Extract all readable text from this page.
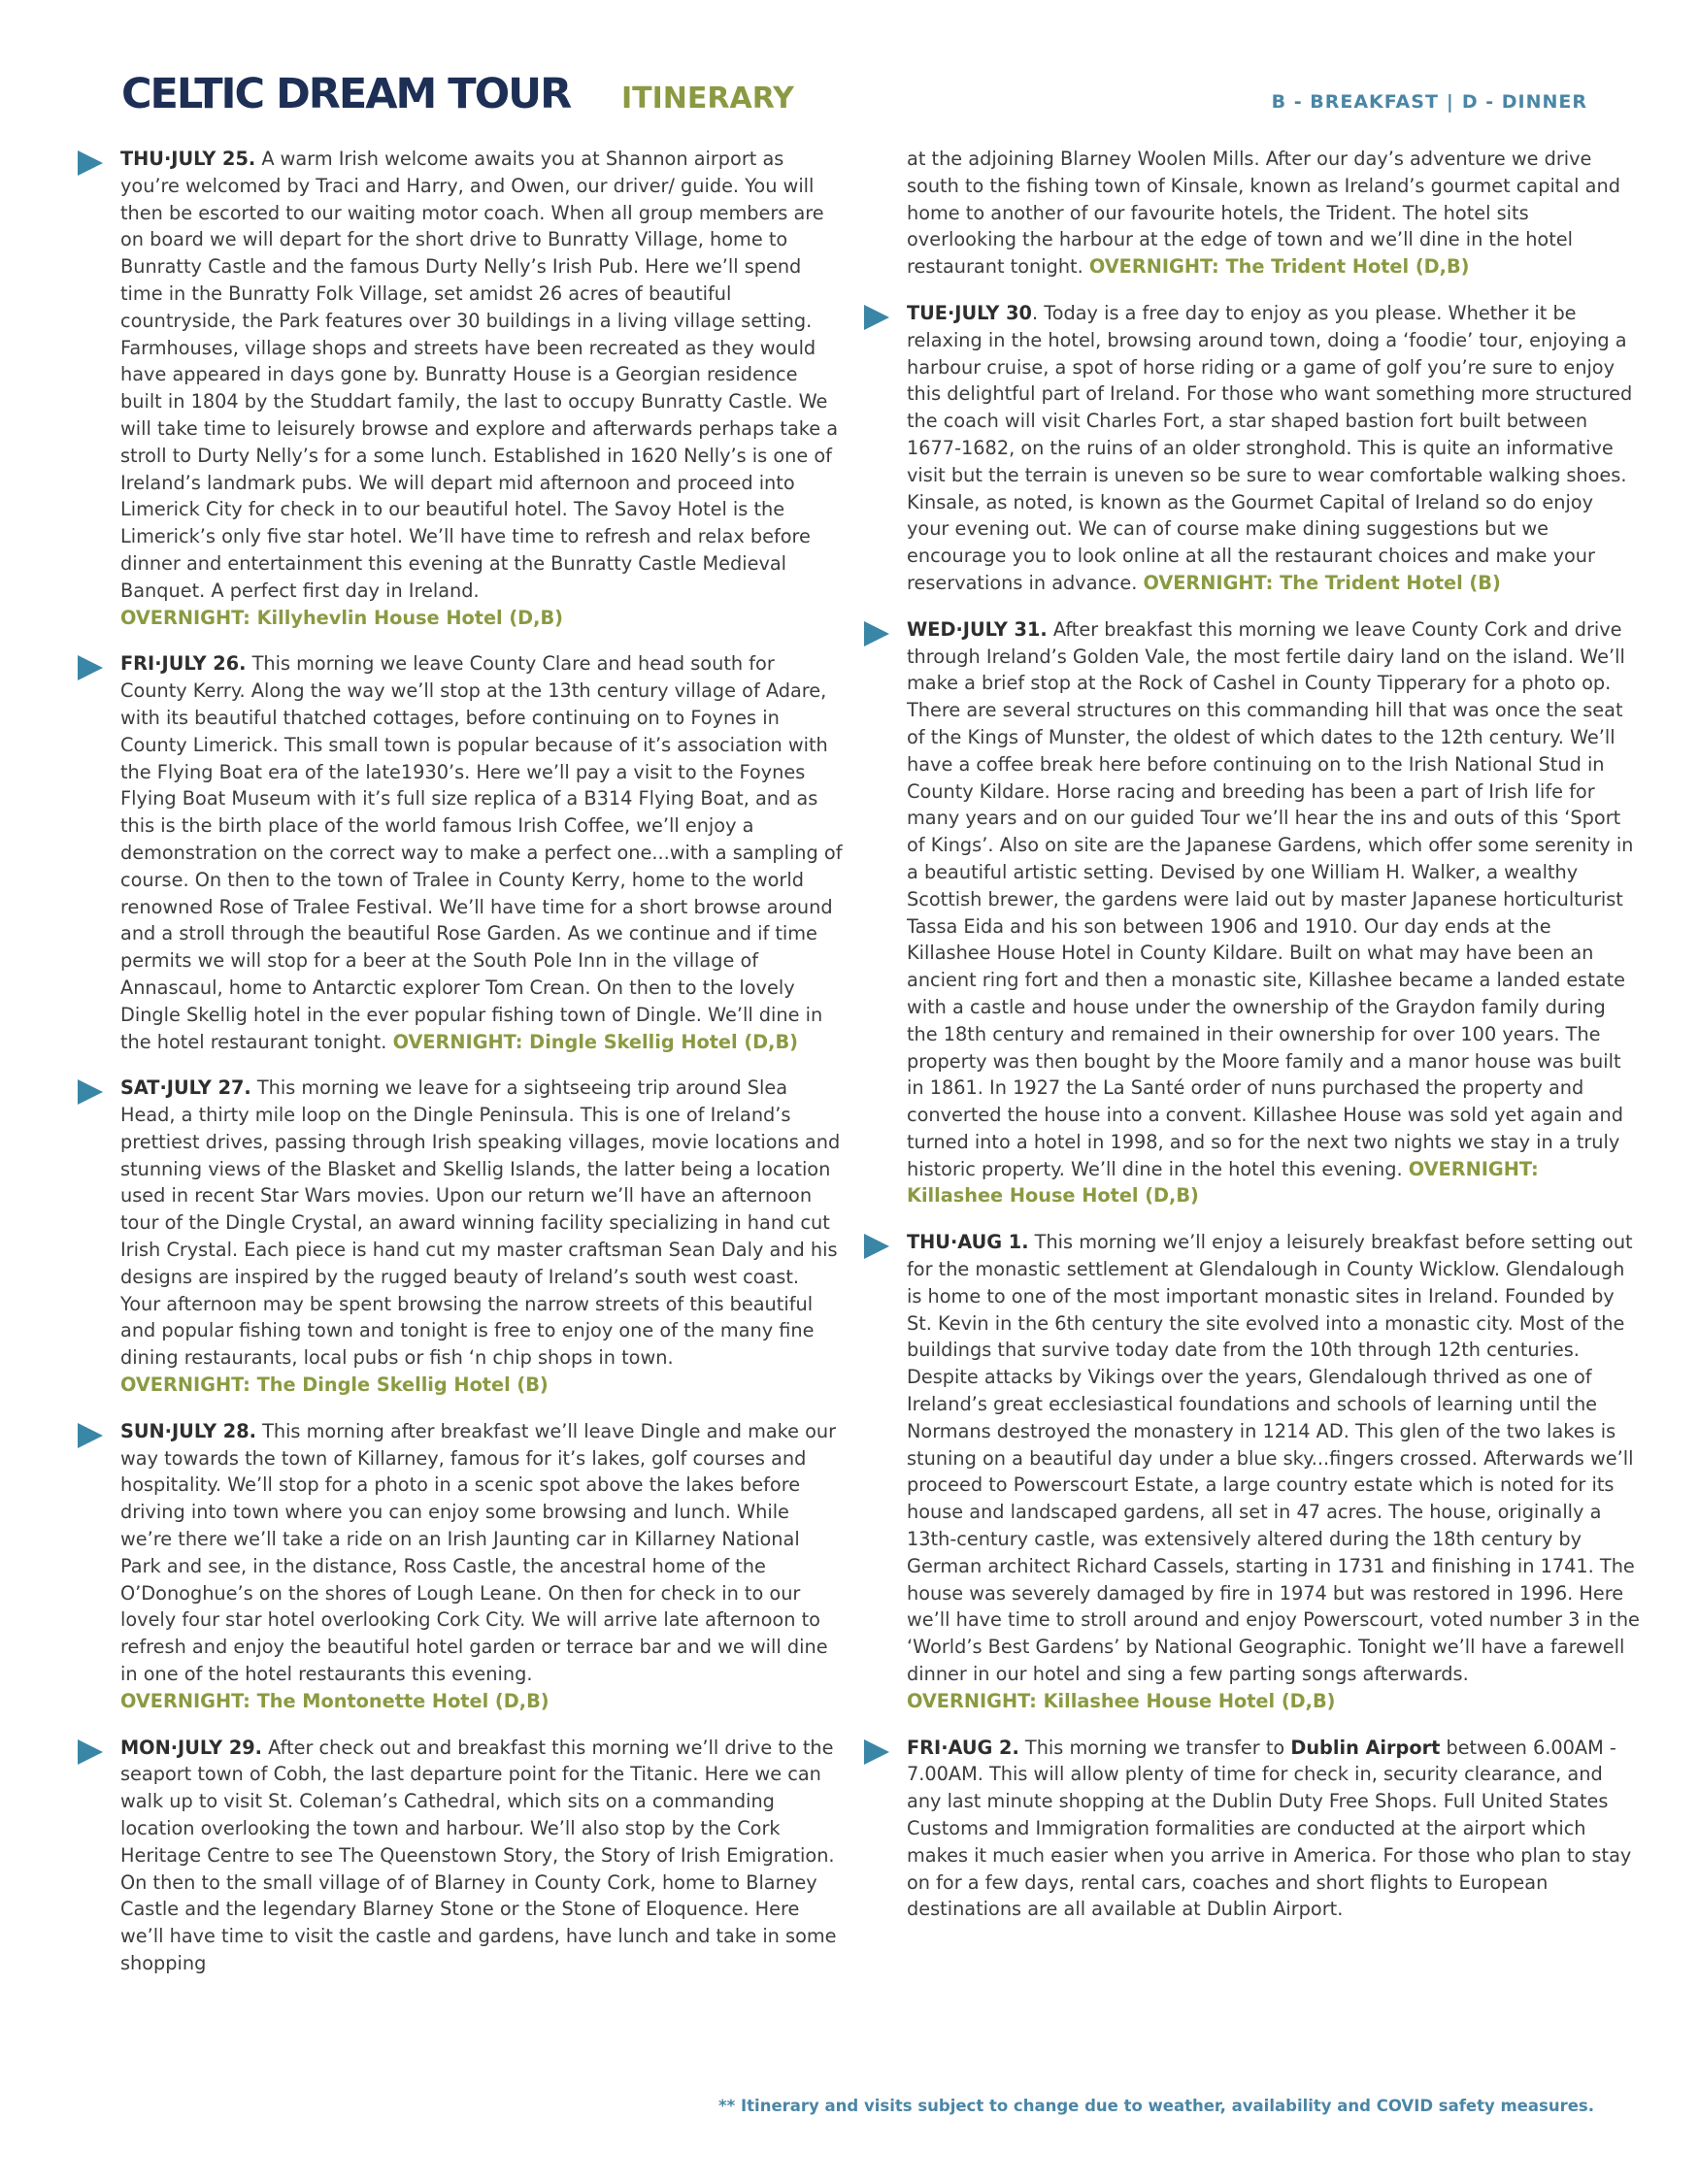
CELTIC DREAM TOUR ITINERARY	B - BREAKFAST | D - DINNER

THU·JULY 25. A warm Irish welcome awaits you at Shannon airport as you’re welcomed by Traci and Harry, and Owen, our driver/ guide. You will then be escorted to our waiting motor coach. When all group members are on board we will depart for the short drive to Bunratty Village, home to Bunratty Castle and the famous Durty Nelly’s Irish Pub. Here we’ll spend time in the Bunratty Folk Village, set amidst 26 acres of beautiful countryside, the Park features over 30 buildings in a living village setting. Farmhouses, village shops and streets have been recreated as they would have appeared in days gone by. Bunratty House is a Georgian residence built in 1804 by the Studdart family, the last to occupy Bunratty Castle. We will take time to leisurely browse and explore and afterwards perhaps take a stroll to Durty Nelly’s for a some lunch. Established in 1620 Nelly’s is one of Ireland’s landmark pubs. We will depart mid afternoon and proceed into Limerick City for check in to our beautiful hotel. The Savoy Hotel is the Limerick’s only five star hotel. We’ll have time to refresh and relax before dinner and entertainment this evening at the Bunratty Castle Medieval Banquet. A perfect first day in Ireland.
OVERNIGHT: Killyhevlin House Hotel (D,B)

FRI·JULY 26. This morning we leave County Clare and head south for County Kerry. Along the way we’ll stop at the 13th century village of Adare, with its beautiful thatched cottages, before continuing on to Foynes in County Limerick. This small town is popular because of it’s association with the Flying Boat era of the late1930’s. Here we’ll pay a visit to the Foynes Flying Boat Museum with it’s full size replica of a B314 Flying Boat, and as this is the birth place of the world famous Irish Coffee, we’ll enjoy a demonstration on the correct way to make a perfect one...with a sampling of course. On then to the town of Tralee in County Kerry, home to the world renowned Rose of Tralee Festival. We’ll have time for a short browse around and a stroll through the beautiful Rose Garden. As we continue and if time permits we will stop for a beer at the South Pole Inn in the village of Annascaul, home to Antarctic explorer Tom Crean. On then to the lovely Dingle Skellig hotel in the ever popular fishing town of Dingle. We’ll dine in the hotel restaurant tonight. OVERNIGHT: Dingle Skellig Hotel (D,B)

SAT·JULY 27. This morning we leave for a sightseeing trip around Slea Head, a thirty mile loop on the Dingle Peninsula. This is one of Ireland’s prettiest drives, passing through Irish speaking villages, movie locations and stunning views of the Blasket and Skellig Islands, the latter being a location used in recent Star Wars movies. Upon our return we’ll have an afternoon tour of the Dingle Crystal, an award winning facility specializing in hand cut Irish Crystal. Each piece is hand cut my master craftsman Sean Daly and his designs are inspired by the rugged beauty of Ireland’s south west coast. Your afternoon may be spent browsing the narrow streets of this beautiful and popular fishing town and tonight is free to enjoy one of the many fine dining restaurants, local pubs or fish ‘n chip shops in town.
OVERNIGHT: The Dingle Skellig Hotel (B)

SUN·JULY 28. This morning after breakfast we’ll leave Dingle and make our way towards the town of Killarney, famous for it’s lakes, golf courses and hospitality. We’ll stop for a photo in a scenic spot above the lakes before driving into town where you can enjoy some browsing and lunch. While we’re there we’ll take a ride on an Irish Jaunting car in Killarney National Park and see, in the distance, Ross Castle, the ancestral home of the O’Donoghue’s on the shores of Lough Leane. On then for check in to our lovely four star hotel overlooking Cork City. We will arrive late afternoon to refresh and enjoy the beautiful hotel garden or terrace bar and we will dine in one of the hotel restaurants this evening.
OVERNIGHT: The Montonette Hotel (D,B)

MON·JULY 29. After check out and breakfast this morning we’ll drive to the seaport town of Cobh, the last departure point for the Titanic. Here we can walk up to visit St. Coleman’s Cathedral, which sits on a commanding location overlooking the town and harbour. We’ll also stop by the Cork Heritage Centre to see The Queenstown Story, the Story of Irish Emigration. On then to the small village of of Blarney in County Cork, home to Blarney Castle and the legendary Blarney Stone or the Stone of Eloquence. Here we’ll have time to visit the castle and gardens, have lunch and take in some shopping

at the adjoining Blarney Woolen Mills. After our day’s adventure we drive south to the fishing town of Kinsale, known as Ireland’s gourmet capital and home to another of our favourite hotels, the Trident. The hotel sits overlooking the harbour at the edge of town and we’ll dine in the hotel restaurant tonight. OVERNIGHT: The Trident Hotel (D,B)

TUE·JULY 30. Today is a free day to enjoy as you please. Whether it be relaxing in the hotel, browsing around town, doing a ‘foodie’ tour, enjoying a harbour cruise, a spot of horse riding or a game of golf you’re sure to enjoy this delightful part of Ireland. For those who want something more structured the coach will visit Charles Fort, a star shaped bastion fort built between 1677-1682, on the ruins of an older stronghold. This is quite an informative visit but the terrain is uneven so be sure to wear comfortable walking shoes. Kinsale, as noted, is known as the Gourmet Capital of Ireland so do enjoy your evening out. We can of course make dining suggestions but we encourage you to look online at all the restaurant choices and make your reservations in advance. OVERNIGHT: The Trident Hotel (B)

WED·JULY 31. After breakfast this morning we leave County Cork and drive through Ireland’s Golden Vale, the most fertile dairy land on the island. We’ll make a brief stop at the Rock of Cashel in County Tipperary for a photo op. There are several structures on this commanding hill that was once the seat of the Kings of Munster, the oldest of which dates to the 12th century. We’ll have a coffee break here before continuing on to the Irish National Stud in County Kildare. Horse racing and breeding has been a part of Irish life for many years and on our guided Tour we’ll hear the ins and outs of this ‘Sport of Kings’. Also on site are the Japanese Gardens, which offer some serenity in a beautiful artistic setting. Devised by one William H. Walker, a wealthy Scottish brewer, the gardens were laid out by master Japanese horticulturist Tassa Eida and his son between 1906 and 1910. Our day ends at the Killashee House Hotel in County Kildare. Built on what may have been an ancient ring fort and then a monastic site, Killashee became a landed estate with a castle and house under the ownership of the Graydon family during the 18th century and remained in their ownership for over 100 years. The property was then bought by the Moore family and a manor house was built in 1861. In 1927 the La Santé order of nuns purchased the property and converted the house into a convent. Killashee House was sold yet again and turned into a hotel in 1998, and so for the next two nights we stay in a truly historic property. We’ll dine in the hotel this evening. OVERNIGHT: Killashee House Hotel (D,B)

THU·AUG 1. This morning we’ll enjoy a leisurely breakfast before setting out for the monastic settlement at Glendalough in County Wicklow. Glendalough is home to one of the most important monastic sites in Ireland. Founded by St. Kevin in the 6th century the site evolved into a monastic city. Most of the buildings that survive today date from the 10th through 12th centuries. Despite attacks by Vikings over the years, Glendalough thrived as one of Ireland’s great ecclesiastical foundations and schools of learning until the Normans destroyed the monastery in 1214 AD. This glen of the two lakes is stuning on a beautiful day under a blue sky...fingers crossed. Afterwards we’ll proceed to Powerscourt Estate, a large country estate which is noted for its house and landscaped gardens, all set in 47 acres. The house, originally a 13th-century castle, was extensively altered during the 18th century by German architect Richard Cassels, starting in 1731 and finishing in 1741. The house was severely damaged by fire in 1974 but was restored in 1996. Here we’ll have time to stroll around and enjoy Powerscourt, voted number 3 in the ‘World’s Best Gardens’ by National Geographic. Tonight we’ll have a farewell dinner in our hotel and sing a few parting songs afterwards.
OVERNIGHT: Killashee House Hotel (D,B)

FRI·AUG 2. This morning we transfer to Dublin Airport between 6.00AM - 7.00AM. This will allow plenty of time for check in, security clearance, and any last minute shopping at the Dublin Duty Free Shops. Full United States Customs and Immigration formalities are conducted at the airport which makes it much easier when you arrive in America. For those who plan to stay on for a few days, rental cars, coaches and short flights to European destinations are all available at Dublin Airport.

** Itinerary and visits subject to change due to weather, availability and COVID safety measures.
